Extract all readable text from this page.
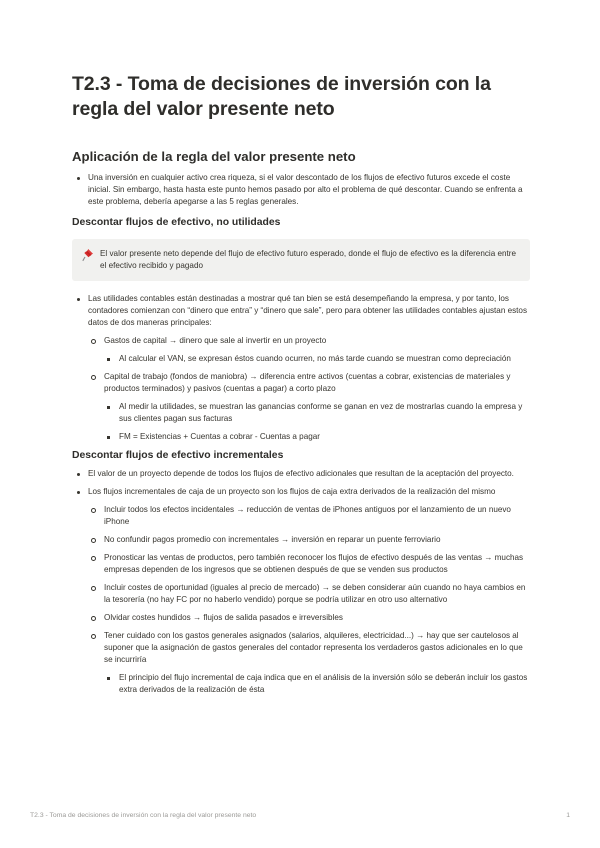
T2.3 - Toma de decisiones de inversión con la regla del valor presente neto
Aplicación de la regla del valor presente neto
Una inversión en cualquier activo crea riqueza, si el valor descontado de los flujos de efectivo futuros excede el coste inicial. Sin embargo, hasta hasta este punto hemos pasado por alto el problema de qué descontar. Cuando se enfrenta a este problema, debería apegarse a las 5 reglas generales.
Descontar flujos de efectivo, no utilidades
El valor presente neto depende del flujo de efectivo futuro esperado, donde el flujo de efectivo es la diferencia entre el efectivo recibido y pagado
Las utilidades contables están destinadas a mostrar qué tan bien se está desempeñando la empresa, y por tanto, los contadores comienzan con “dinero que entra” y “dinero que sale”, pero para obtener las utilidades contables ajustan estos datos de dos maneras principales:
Gastos de capital → dinero que sale al invertir en un proyecto
Al calcular el VAN, se expresan éstos cuando ocurren, no más tarde cuando se muestran como depreciación
Capital de trabajo (fondos de maniobra) → diferencia entre activos (cuentas a cobrar, existencias de materiales y productos terminados) y pasivos (cuentas a pagar) a corto plazo
Al medir la utilidades, se muestran las ganancias conforme se ganan en vez de mostrarlas cuando la empresa y sus clientes pagan sus facturas
FM = Existencias + Cuentas a cobrar - Cuentas a pagar
Descontar flujos de efectivo incrementales
El valor de un proyecto depende de todos los flujos de efectivo adicionales que resultan de la aceptación del proyecto.
Los flujos incrementales de caja de un proyecto son los flujos de caja extra derivados de la realización del mismo
Incluir todos los efectos incidentales → reducción de ventas de iPhones antiguos por el lanzamiento de un nuevo iPhone
No confundir pagos promedio con incrementales → inversión en reparar un puente ferroviario
Pronosticar las ventas de productos, pero también reconocer los flujos de efectivo después de las ventas → muchas empresas dependen de los ingresos que se obtienen después de que se venden sus productos
Incluir costes de oportunidad (iguales al precio de mercado) → se deben considerar aún cuando no haya cambios en la tesorería (no hay FC por no haberlo vendido) porque se podría utilizar en otro uso alternativo
Olvidar costes hundidos → flujos de salida pasados e irreversibles
Tener cuidado con los gastos generales asignados (salarios, alquileres, electricidad...) → hay que ser cautelosos al suponer que la asignación de gastos generales del contador representa los verdaderos gastos adicionales en lo que se incurriría
El principio del flujo incremental de caja indica que en el análisis de la inversión sólo se deberán incluir los gastos extra derivados de la realización de ésta
T2.3 - Toma de decisiones de inversión con la regla del valor presente neto	1
